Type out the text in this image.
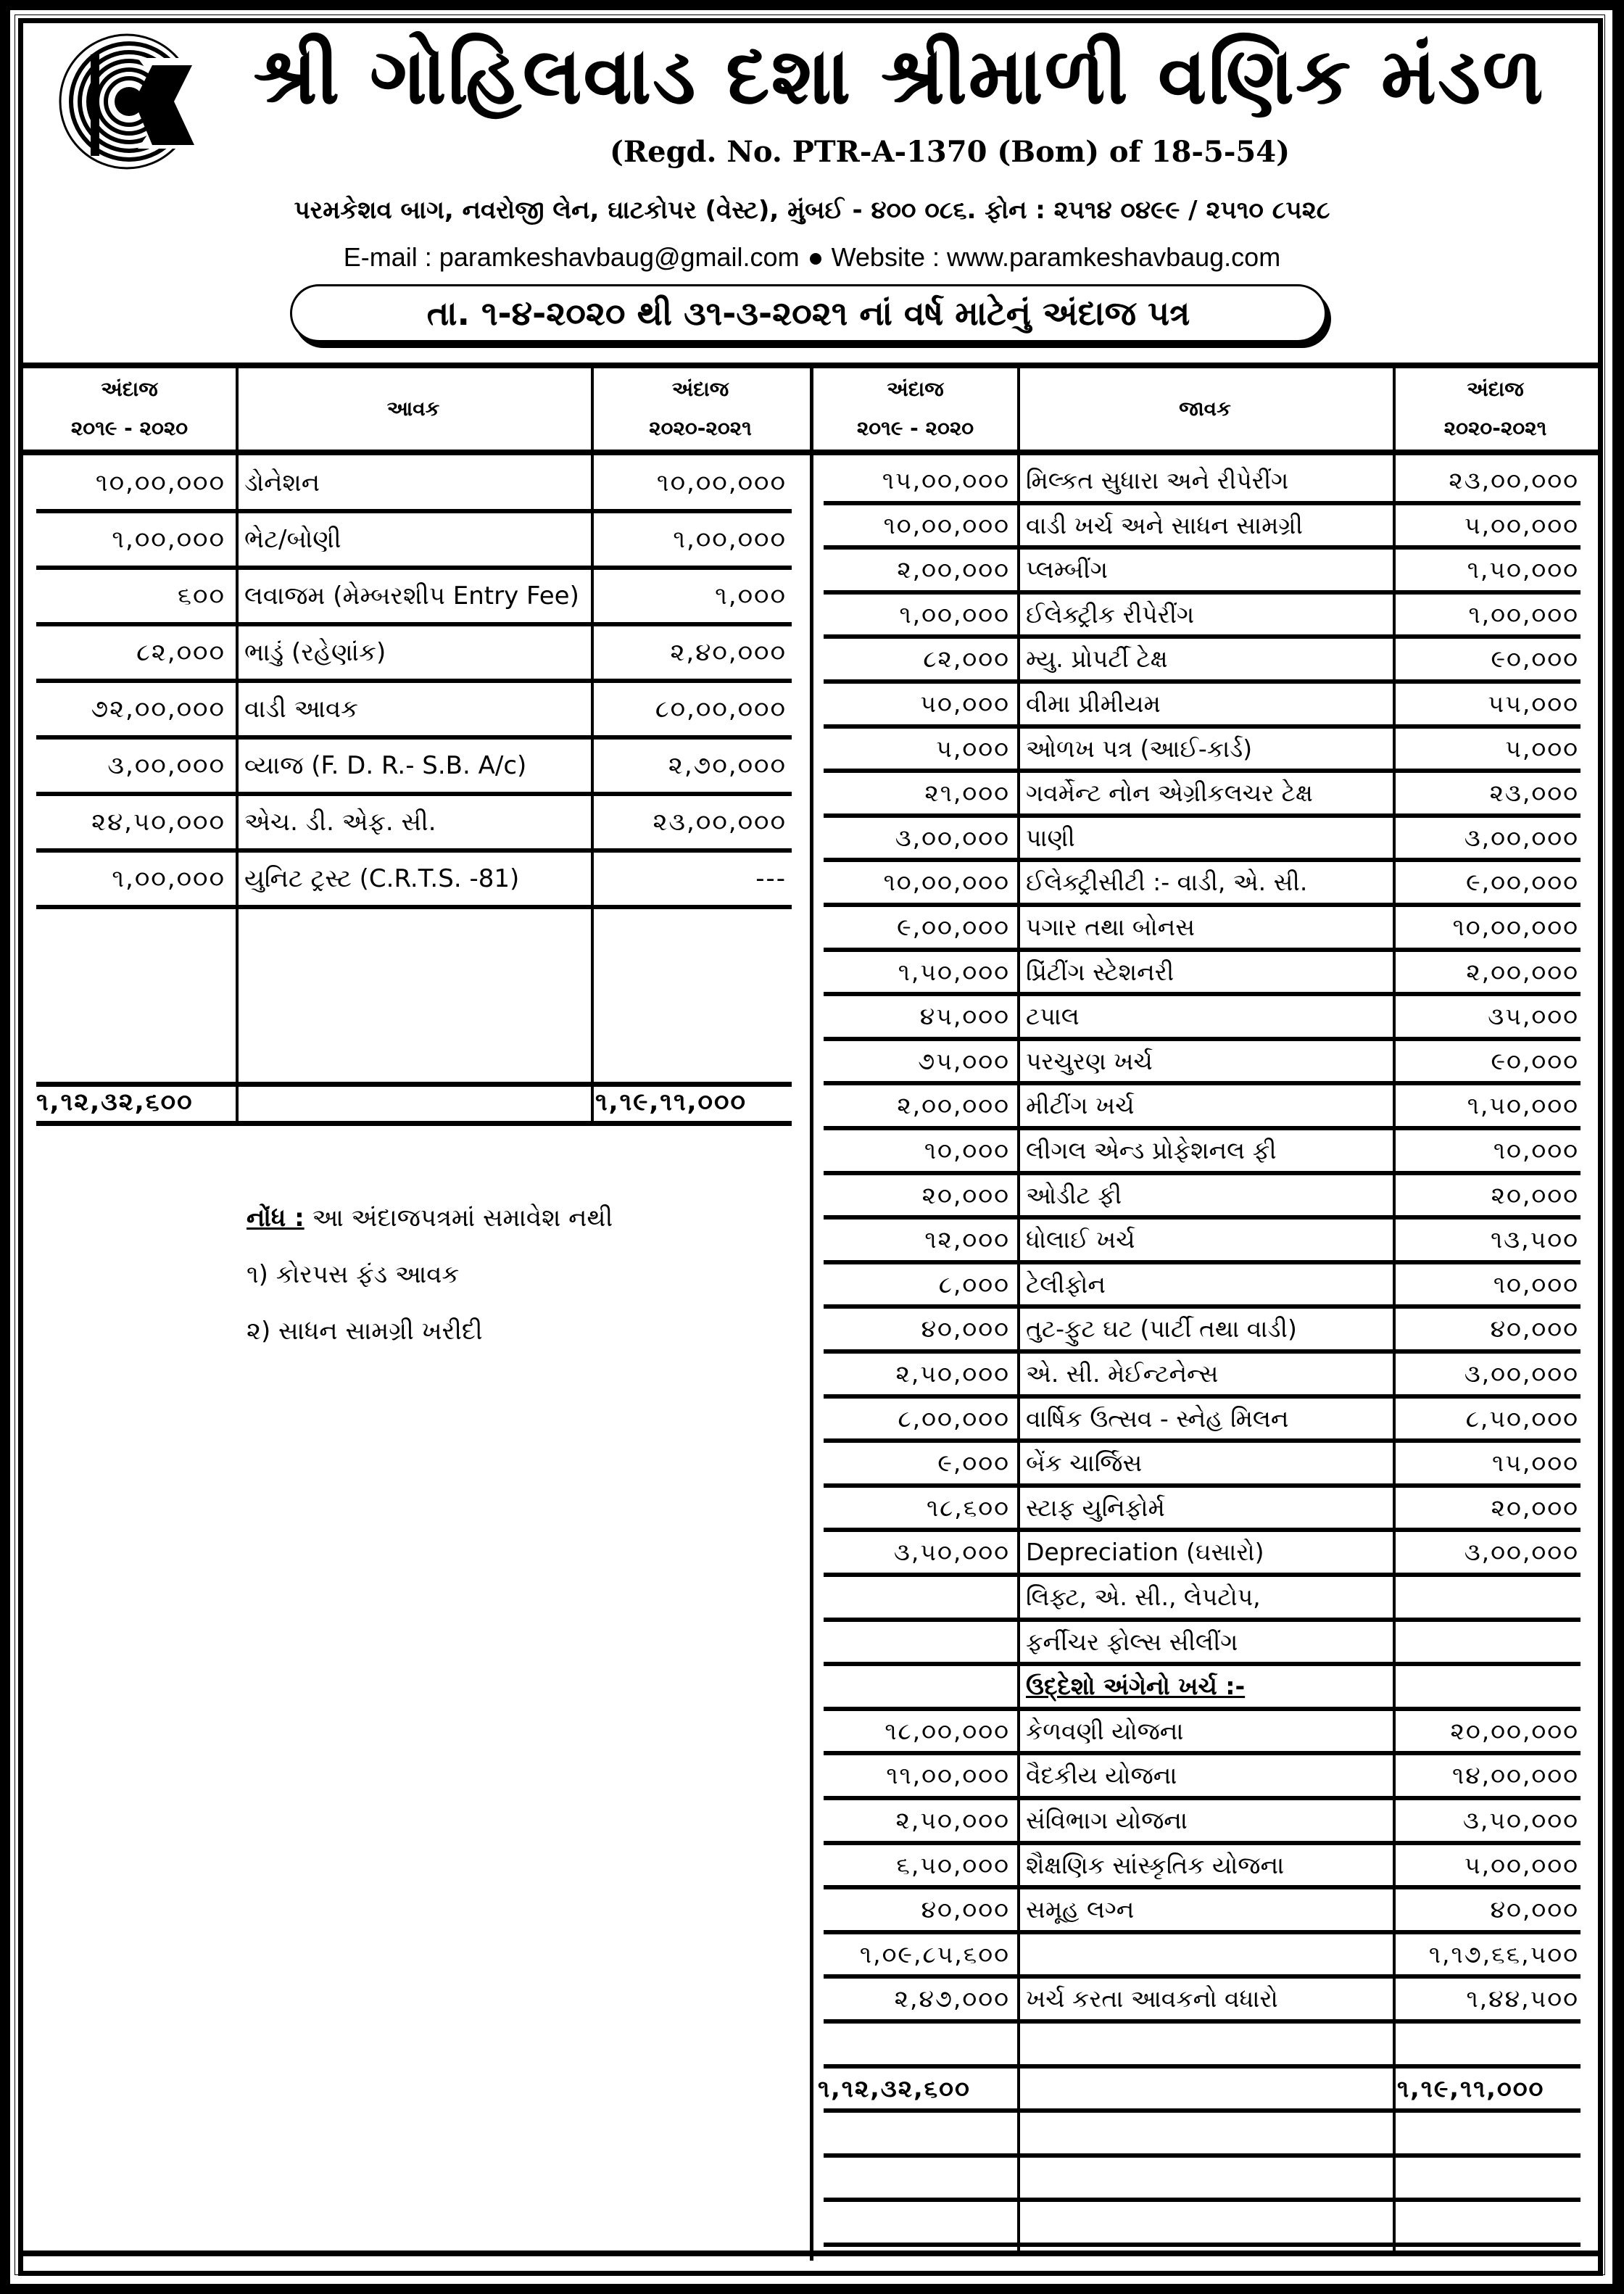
શ્રી ગોહિલવાડ દશા શ્રીમાળી વણિક મંડળ
(Regd. No. PTR-A-1370 (Bom) of 18-5-54)
પરમકેશવ બાગ, નવરોજી લેન, ઘાટકોપર (વેસ્ટ), મુંબઈ - ૪૦૦ ૦૮૬. ફોન : ૨૫૧૪ ૦૪૯૯ / ૨૫૧૦ ૮૫૨૮
E-mail : paramkeshavbaug@gmail.com Website : www.paramkeshavbaug.com
તા. ૧-૪-૨૦૨૦ થી ૩૧-૩-૨૦૨૧ નાં વર્ષ માટેનું અંદાજ પત્ર
અંદાજ
૨૦૧૯ - ૨૦૨૦
આવક
અંદાજ
૨૦૨૦-૨૦૨૧
૧૦,૦૦,૦૦૦ ડોનેશન	૧૦,૦૦,૦૦૦
૧,૦૦,૦૦૦ ભેટ/બોણી	૧,૦૦,૦૦૦
૬૦૦ લવાજમ (મેમ્બરશીપ Entry Fee)	૧,૦૦૦
૮૨,૦૦૦ ભાડું (રહેણાંક)	૨,૪૦,૦૦૦
૭૨,૦૦,૦૦૦ વાડી આવક	૮૦,૦૦,૦૦૦
૩,૦૦,૦૦૦ વ્યાજ (F. D. R.- S.B. A/c)	૨,૭૦,૦૦૦
૨૪,૫૦,૦૦૦ એચ. ડી. એફ. સી.	૨૩,૦૦,૦૦૦
૧,૦૦,૦૦૦ યુનિટ ટ્રસ્ટ (C.R.T.S. -81)	---
૧,૧૨,૩૨,૬૦૦	૧,૧૯,૧૧,૦૦૦
નોંધ : આ અંદાજપત્રમાં સમાવેશ નથી
૧) કોરપસ ફંડ આવક
૨) સાધન સામગ્રી ખરીદી
અંદાજ
૨૦૧૯ - ૨૦૨૦
જાવક
અંદાજ
૨૦૨૦-૨૦૨૧
૧૫,૦૦,૦૦૦ મિલ્કત સુધારા અને રીપેરીંગ	૨૩,૦૦,૦૦૦
૧૦,૦૦,૦૦૦ વાડી ખર્ચ અને સાધન સામગ્રી	૫,૦૦,૦૦૦
૨,૦૦,૦૦૦ પ્લમ્બીંગ	૧,૫૦,૦૦૦
૧,૦૦,૦૦૦ ઈલેક્ટ્રીક રીપેરીંગ	૧,૦૦,૦૦૦
૮૨,૦૦૦ મ્યુ. પ્રોપર્ટી ટેક્ષ	૯૦,૦૦૦
૫૦,૦૦૦ વીમા પ્રીમીયમ	૫૫,૦૦૦
૫,૦૦૦ ઓળખ પત્ર (આઈ-કાર્ડ)	૫,૦૦૦
૨૧,૦૦૦ ગવર્મેન્ટ નોન એગ્રીકલચર ટેક્ષ	૨૩,૦૦૦
૩,૦૦,૦૦૦ પાણી	૩,૦૦,૦૦૦
૧૦,૦૦,૦૦૦ ઈલેક્ટ્રીસીટી :- વાડી, એ. સી.	૯,૦૦,૦૦૦
૯,૦૦,૦૦૦ પગાર તથા બોનસ	૧૦,૦૦,૦૦૦
૧,૫૦,૦૦૦ પ્રિંટીંગ સ્ટેશનરી	૨,૦૦,૦૦૦
૪૫,૦૦૦ ટપાલ	૩૫,૦૦૦
૭૫,૦૦૦ પરચુરણ ખર્ચ	૯૦,૦૦૦
૨,૦૦,૦૦૦ મીટીંગ ખર્ચ	૧,૫૦,૦૦૦
૧૦,૦૦૦ લીગલ એન્ડ પ્રોફેશનલ ફી	૧૦,૦૦૦
૨૦,૦૦૦ ઓડીટ ફી	૨૦,૦૦૦
૧૨,૦૦૦ ધોલાઈ ખર્ચ	૧૩,૫૦૦
૮,૦૦૦ ટેલીફોન	૧૦,૦૦૦
૪૦,૦૦૦ તુટ-ફુટ ઘટ (પાર્ટી તથા વાડી)	૪૦,૦૦૦
૨,૫૦,૦૦૦ એ. સી. મેઈન્ટનેન્સ	૩,૦૦,૦૦૦
૮,૦૦,૦૦૦ વાર્ષિક ઉત્સવ - સ્નેહ મિલન	૮,૫૦,૦૦૦
૯,૦૦૦ બેંક ચાર્જિસ	૧૫,૦૦૦
૧૮,૬૦૦ સ્ટાફ યુનિફોર્મ	૨૦,૦૦૦
૩,૫૦,૦૦૦ Depreciation (ઘસારો)	૩,૦૦,૦૦૦
લિફ્ટ, એ. સી., લેપટોપ,
ફર્નીચર ફોલ્સ સીલીંગ
ઉદ્દેશો અંગેનો ખર્ચ :-
૧૮,૦૦,૦૦૦ કેળવણી યોજના	૨૦,૦૦,૦૦૦
૧૧,૦૦,૦૦૦ વૈદકીય યોજના	૧૪,૦૦,૦૦૦
૨,૫૦,૦૦૦ સંવિભાગ યોજના	૩,૫૦,૦૦૦
૬,૫૦,૦૦૦ શૈક્ષણિક સાંસ્કૃતિક યોજના	૫,૦૦,૦૦૦
૪૦,૦૦૦ સમૂહ લગ્ન	૪૦,૦૦૦
૧,૦૯,૮૫,૬૦૦	૧,૧૭,૬૬,૫૦૦
૨,૪૭,૦૦૦ ખર્ચ કરતા આવકનો વધારો	૧,૪૪,૫૦૦
૧,૧૨,૩૨,૬૦૦	૧,૧૯,૧૧,૦૦૦
